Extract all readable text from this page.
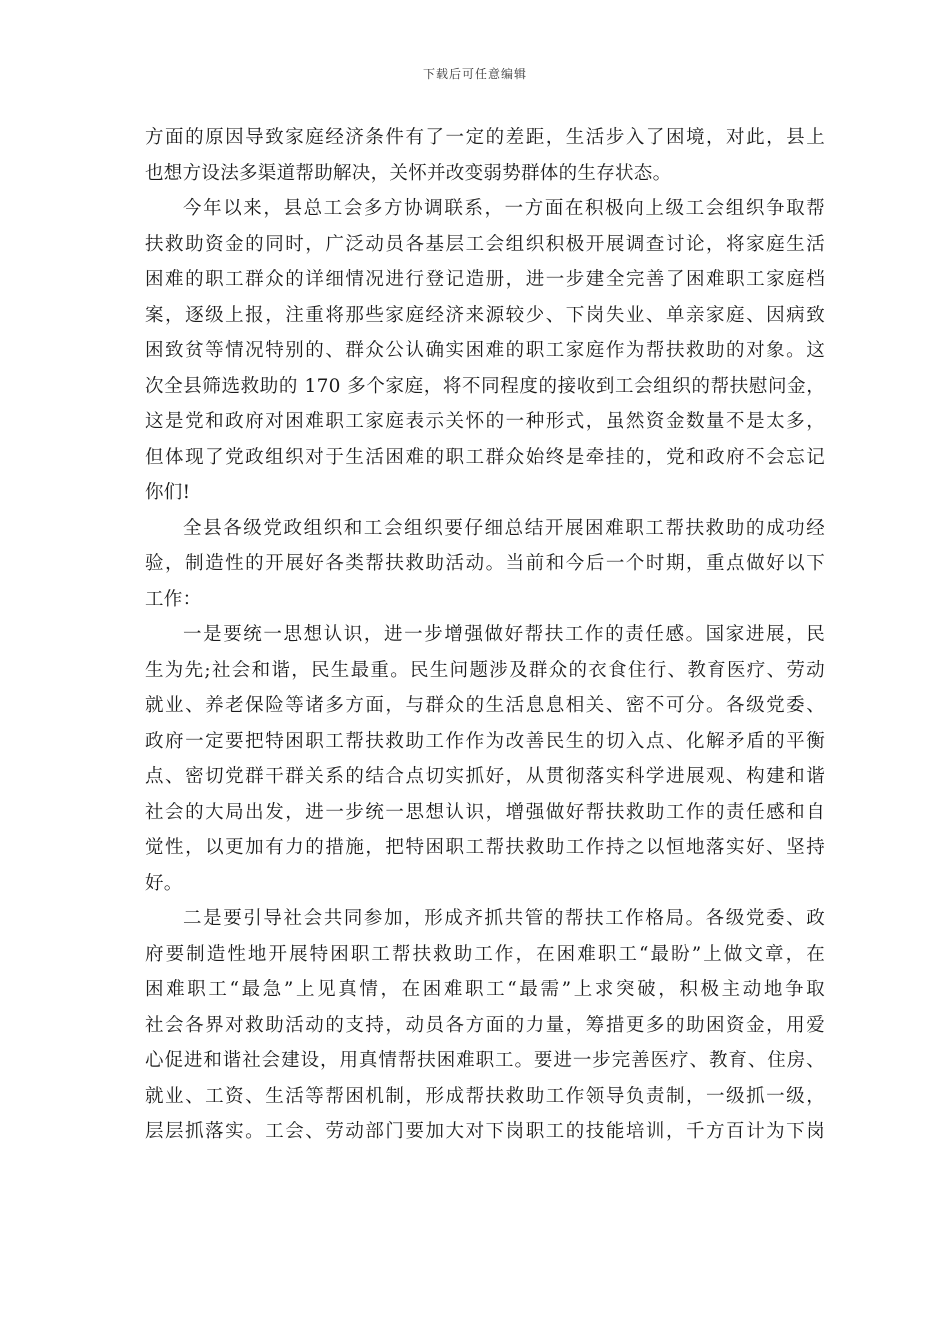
下载后可任意编辑
方面的原因导致家庭经济条件有了一定的差距，生活步入了困境，对此，县上
也想方设法多渠道帮助解决，关怀并改变弱势群体的生存状态。
今年以来，县总工会多方协调联系，一方面在积极向上级工会组织争取帮
扶救助资金的同时，广泛动员各基层工会组织积极开展调查讨论，将家庭生活
困难的职工群众的详细情况进行登记造册，进一步建全完善了困难职工家庭档
案，逐级上报，注重将那些家庭经济来源较少、下岗失业、单亲家庭、因病致
困致贫等情况特别的、群众公认确实困难的职工家庭作为帮扶救助的对象。这
次全县筛选救助的 170 多个家庭，将不同程度的接收到工会组织的帮扶慰问金，
这是党和政府对困难职工家庭表示关怀的一种形式，虽然资金数量不是太多，
但体现了党政组织对于生活困难的职工群众始终是牵挂的，党和政府不会忘记
你们!
全县各级党政组织和工会组织要仔细总结开展困难职工帮扶救助的成功经
验，制造性的开展好各类帮扶救助活动。当前和今后一个时期，重点做好以下
工作：
一是要统一思想认识，进一步增强做好帮扶工作的责任感。国家进展，民
生为先;社会和谐，民生最重。民生问题涉及群众的衣食住行、教育医疗、劳动
就业、养老保险等诸多方面，与群众的生活息息相关、密不可分。各级党委、
政府一定要把特困职工帮扶救助工作作为改善民生的切入点、化解矛盾的平衡
点、密切党群干群关系的结合点切实抓好，从贯彻落实科学进展观、构建和谐
社会的大局出发，进一步统一思想认识，增强做好帮扶救助工作的责任感和自
觉性，以更加有力的措施，把特困职工帮扶救助工作持之以恒地落实好、坚持
好。
二是要引导社会共同参加，形成齐抓共管的帮扶工作格局。各级党委、政
府要制造性地开展特困职工帮扶救助工作，在困难职工“最盼”上做文章，在
困难职工“最急”上见真情，在困难职工“最需”上求突破，积极主动地争取
社会各界对救助活动的支持，动员各方面的力量，筹措更多的助困资金，用爱
心促进和谐社会建设，用真情帮扶困难职工。要进一步完善医疗、教育、住房、
就业、工资、生活等帮困机制，形成帮扶救助工作领导负责制，一级抓一级，
层层抓落实。工会、劳动部门要加大对下岗职工的技能培训，千方百计为下岗
